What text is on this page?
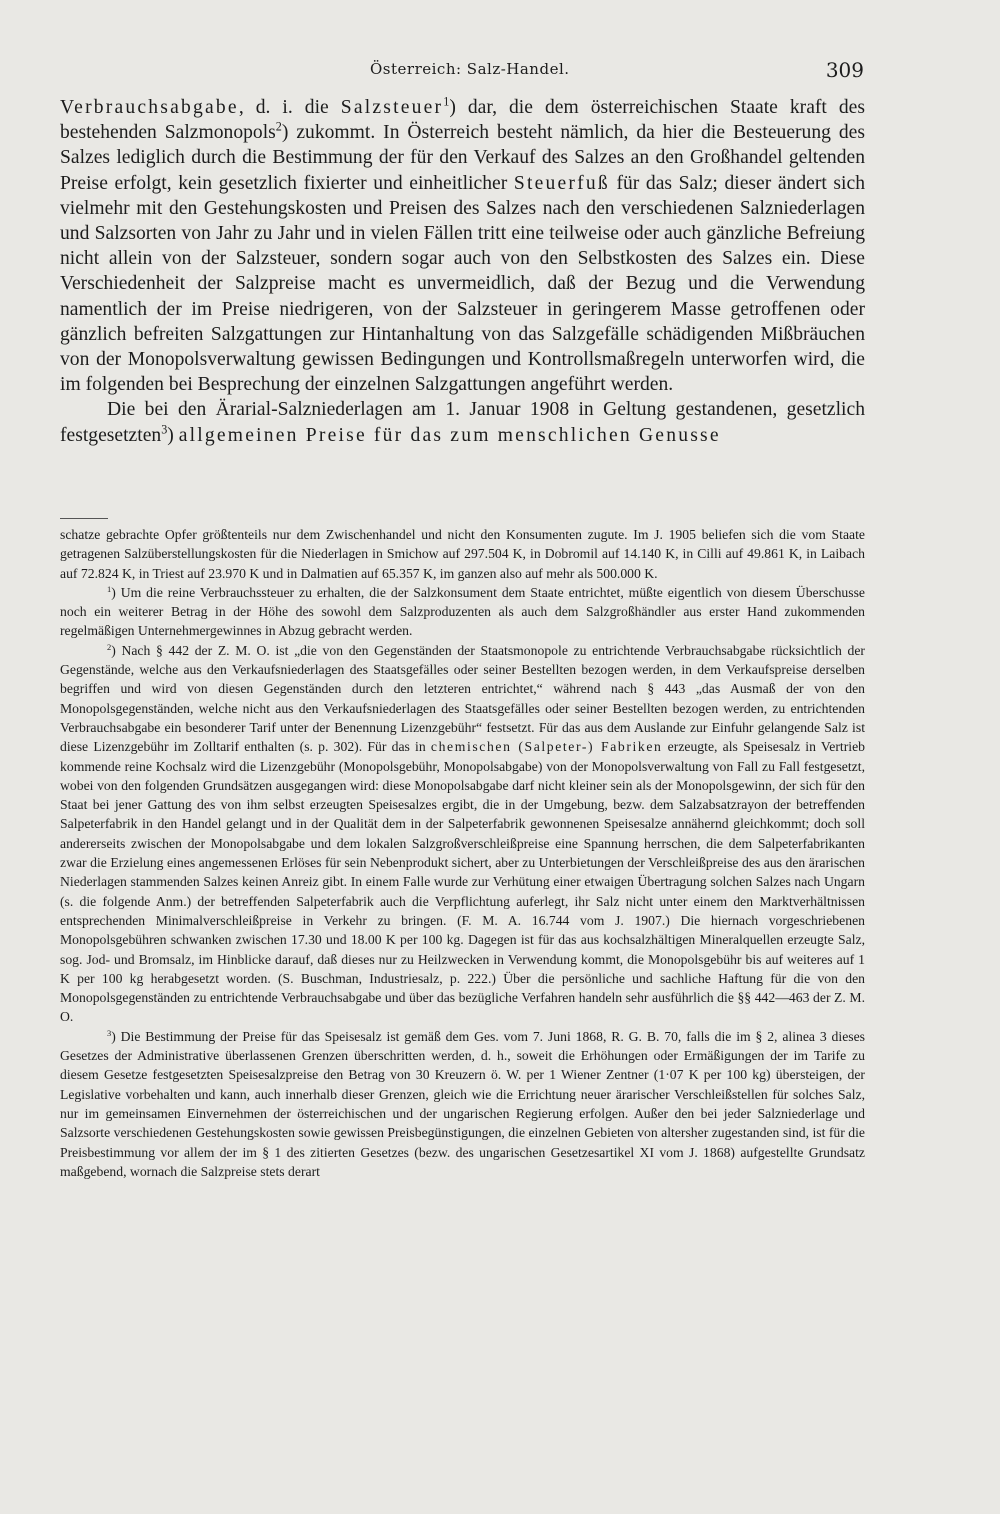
Österreich: Salz-Handel.	309

Verbrauchsabgabe, d. i. die Salzsteuer$^1$) dar, die dem österreichischen Staate kraft des bestehenden Salzmonopols$^2$) zukommt. In Österreich besteht nämlich, da hier die Besteuerung des Salzes lediglich durch die Bestimmung der für den Verkauf des Salzes an den Großhandel geltenden Preise erfolgt, kein gesetzlich fixierter und einheitlicher Steuerfuß für das Salz; dieser ändert sich vielmehr mit den Gestehungskosten und Preisen des Salzes nach den verschiedenen Salzniederlagen und Salzsorten von Jahr zu Jahr und in vielen Fällen tritt eine teilweise oder auch gänzliche Befreiung nicht allein von der Salzsteuer, sondern sogar auch von den Selbstkosten des Salzes ein. Diese Verschiedenheit der Salzpreise macht es unvermeidlich, daß der Bezug und die Verwendung namentlich der im Preise niedrigeren, von der Salzsteuer in geringerem Masse getroffenen oder gänzlich befreiten Salzgattungen zur Hintanhaltung von das Salzgefälle schädigenden Mißbräuchen von der Monopolsverwaltung gewissen Bedingungen und Kontrollsmaßregeln unterworfen wird, die im folgenden bei Besprechung der einzelnen Salzgattungen angeführt werden.

Die bei den Ärarial-Salzniederlagen am 1. Januar 1908 in Geltung gestandenen, gesetzlich festgesetzten$^3$) allgemeinen Preise für das zum menschlichen Genusse

schatze gebrachte Opfer größtenteils nur dem Zwischenhandel und nicht den Konsumenten zugute. Im J. 1905 beliefen sich die vom Staate getragenen Salzüberstellungskosten für die Niederlagen in Smichow auf 297.504 K, in Dobromil auf 14.140 K, in Cilli auf 49.861 K, in Laibach auf 72.824 K, in Triest auf 23.970 K und in Dalmatien auf 65.357 K, im ganzen also auf mehr als 500.000 K.

$^1$) Um die reine Verbrauchssteuer zu erhalten, die der Salzkonsument dem Staate entrichtet, müßte eigentlich von diesem Überschusse noch ein weiterer Betrag in der Höhe des sowohl dem Salzproduzenten als auch dem Salzgroßhändler aus erster Hand zukommenden regelmäßigen Unternehmergewinnes in Abzug gebracht werden.

$^2$) Nach § 442 der Z. M. O. ist „die von den Gegenständen der Staatsmonopole zu entrichtende Verbrauchsabgabe rücksichtlich der Gegenstände, welche aus den Verkaufsniederlagen des Staatsgefälles oder seiner Bestellten bezogen werden, in dem Verkaufspreise derselben begriffen und wird von diesen Gegenständen durch den letzteren entrichtet,“ während nach § 443 „das Ausmaß der von den Monopolsgegenständen, welche nicht aus den Verkaufsniederlagen des Staatsgefälles oder seiner Bestellten bezogen werden, zu entrichtenden Verbrauchsabgabe ein besonderer Tarif unter der Benennung Lizenzgebühr“ festsetzt. Für das aus dem Auslande zur Einfuhr gelangende Salz ist diese Lizenzgebühr im Zolltarif enthalten (s. p. 302). Für das in chemischen (Salpeter-) Fabriken erzeugte, als Speisesalz in Vertrieb kommende reine Kochsalz wird die Lizenzgebühr (Monopolsgebühr, Monopolsabgabe) von der Monopolsverwaltung von Fall zu Fall festgesetzt, wobei von den folgenden Grundsätzen ausgegangen wird: diese Monopolsabgabe darf nicht kleiner sein als der Monopolsgewinn, der sich für den Staat bei jener Gattung des von ihm selbst erzeugten Speisesalzes ergibt, die in der Umgebung, bezw. dem Salzabsatzrayon der betreffenden Salpeterfabrik in den Handel gelangt und in der Qualität dem in der Salpeterfabrik gewonnenen Speisesalze annähernd gleichkommt; doch soll andererseits zwischen der Monopolsabgabe und dem lokalen Salzgroßverschleißpreise eine Spannung herrschen, die dem Salpeterfabrikanten zwar die Erzielung eines angemessenen Erlöses für sein Nebenprodukt sichert, aber zu Unterbietungen der Verschleißpreise des aus den ärarischen Niederlagen stammenden Salzes keinen Anreiz gibt. In einem Falle wurde zur Verhütung einer etwaigen Übertragung solchen Salzes nach Ungarn (s. die folgende Anm.) der betreffenden Salpeterfabrik auch die Verpflichtung auferlegt, ihr Salz nicht unter einem den Marktverhältnissen entsprechenden Minimalverschleißpreise in Verkehr zu bringen. (F. M. A. 16.744 vom J. 1907.) Die hiernach vorgeschriebenen Monopolsgebühren schwanken zwischen 17.30 und 18.00 K per 100 kg. Dagegen ist für das aus kochsalzhältigen Mineralquellen erzeugte Salz, sog. Jod- und Bromsalz, im Hinblicke darauf, daß dieses nur zu Heilzwecken in Verwendung kommt, die Monopolsgebühr bis auf weiteres auf 1 K per 100 kg herabgesetzt worden. (S. Buschman, Industriesalz, p. 222.) Über die persönliche und sachliche Haftung für die von den Monopolsgegenständen zu entrichtende Verbrauchsabgabe und über das bezügliche Verfahren handeln sehr ausführlich die §§ 442—463 der Z. M. O.

$^3$) Die Bestimmung der Preise für das Speisesalz ist gemäß dem Ges. vom 7. Juni 1868, R. G. B. 70, falls die im § 2, alinea 3 dieses Gesetzes der Administrative überlassenen Grenzen überschritten werden, d. h., soweit die Erhöhungen oder Ermäßigungen der im Tarife zu diesem Gesetze festgesetzten Speisesalzpreise den Betrag von 30 Kreuzern ö. W. per 1 Wiener Zentner (1·07 K per 100 kg) übersteigen, der Legislative vorbehalten und kann, auch innerhalb dieser Grenzen, gleich wie die Errichtung neuer ärarischer Verschleißstellen für solches Salz, nur im gemeinsamen Einvernehmen der österreichischen und der ungarischen Regierung erfolgen. Außer den bei jeder Salzniederlage und Salzsorte verschiedenen Gestehungskosten sowie gewissen Preisbegünstigungen, die einzelnen Gebieten von altersher zugestanden sind, ist für die Preisbestimmung vor allem der im § 1 des zitierten Gesetzes (bezw. des ungarischen Gesetzesartikel XI vom J. 1868) aufgestellte Grundsatz maßgebend, wornach die Salzpreise stets derart
